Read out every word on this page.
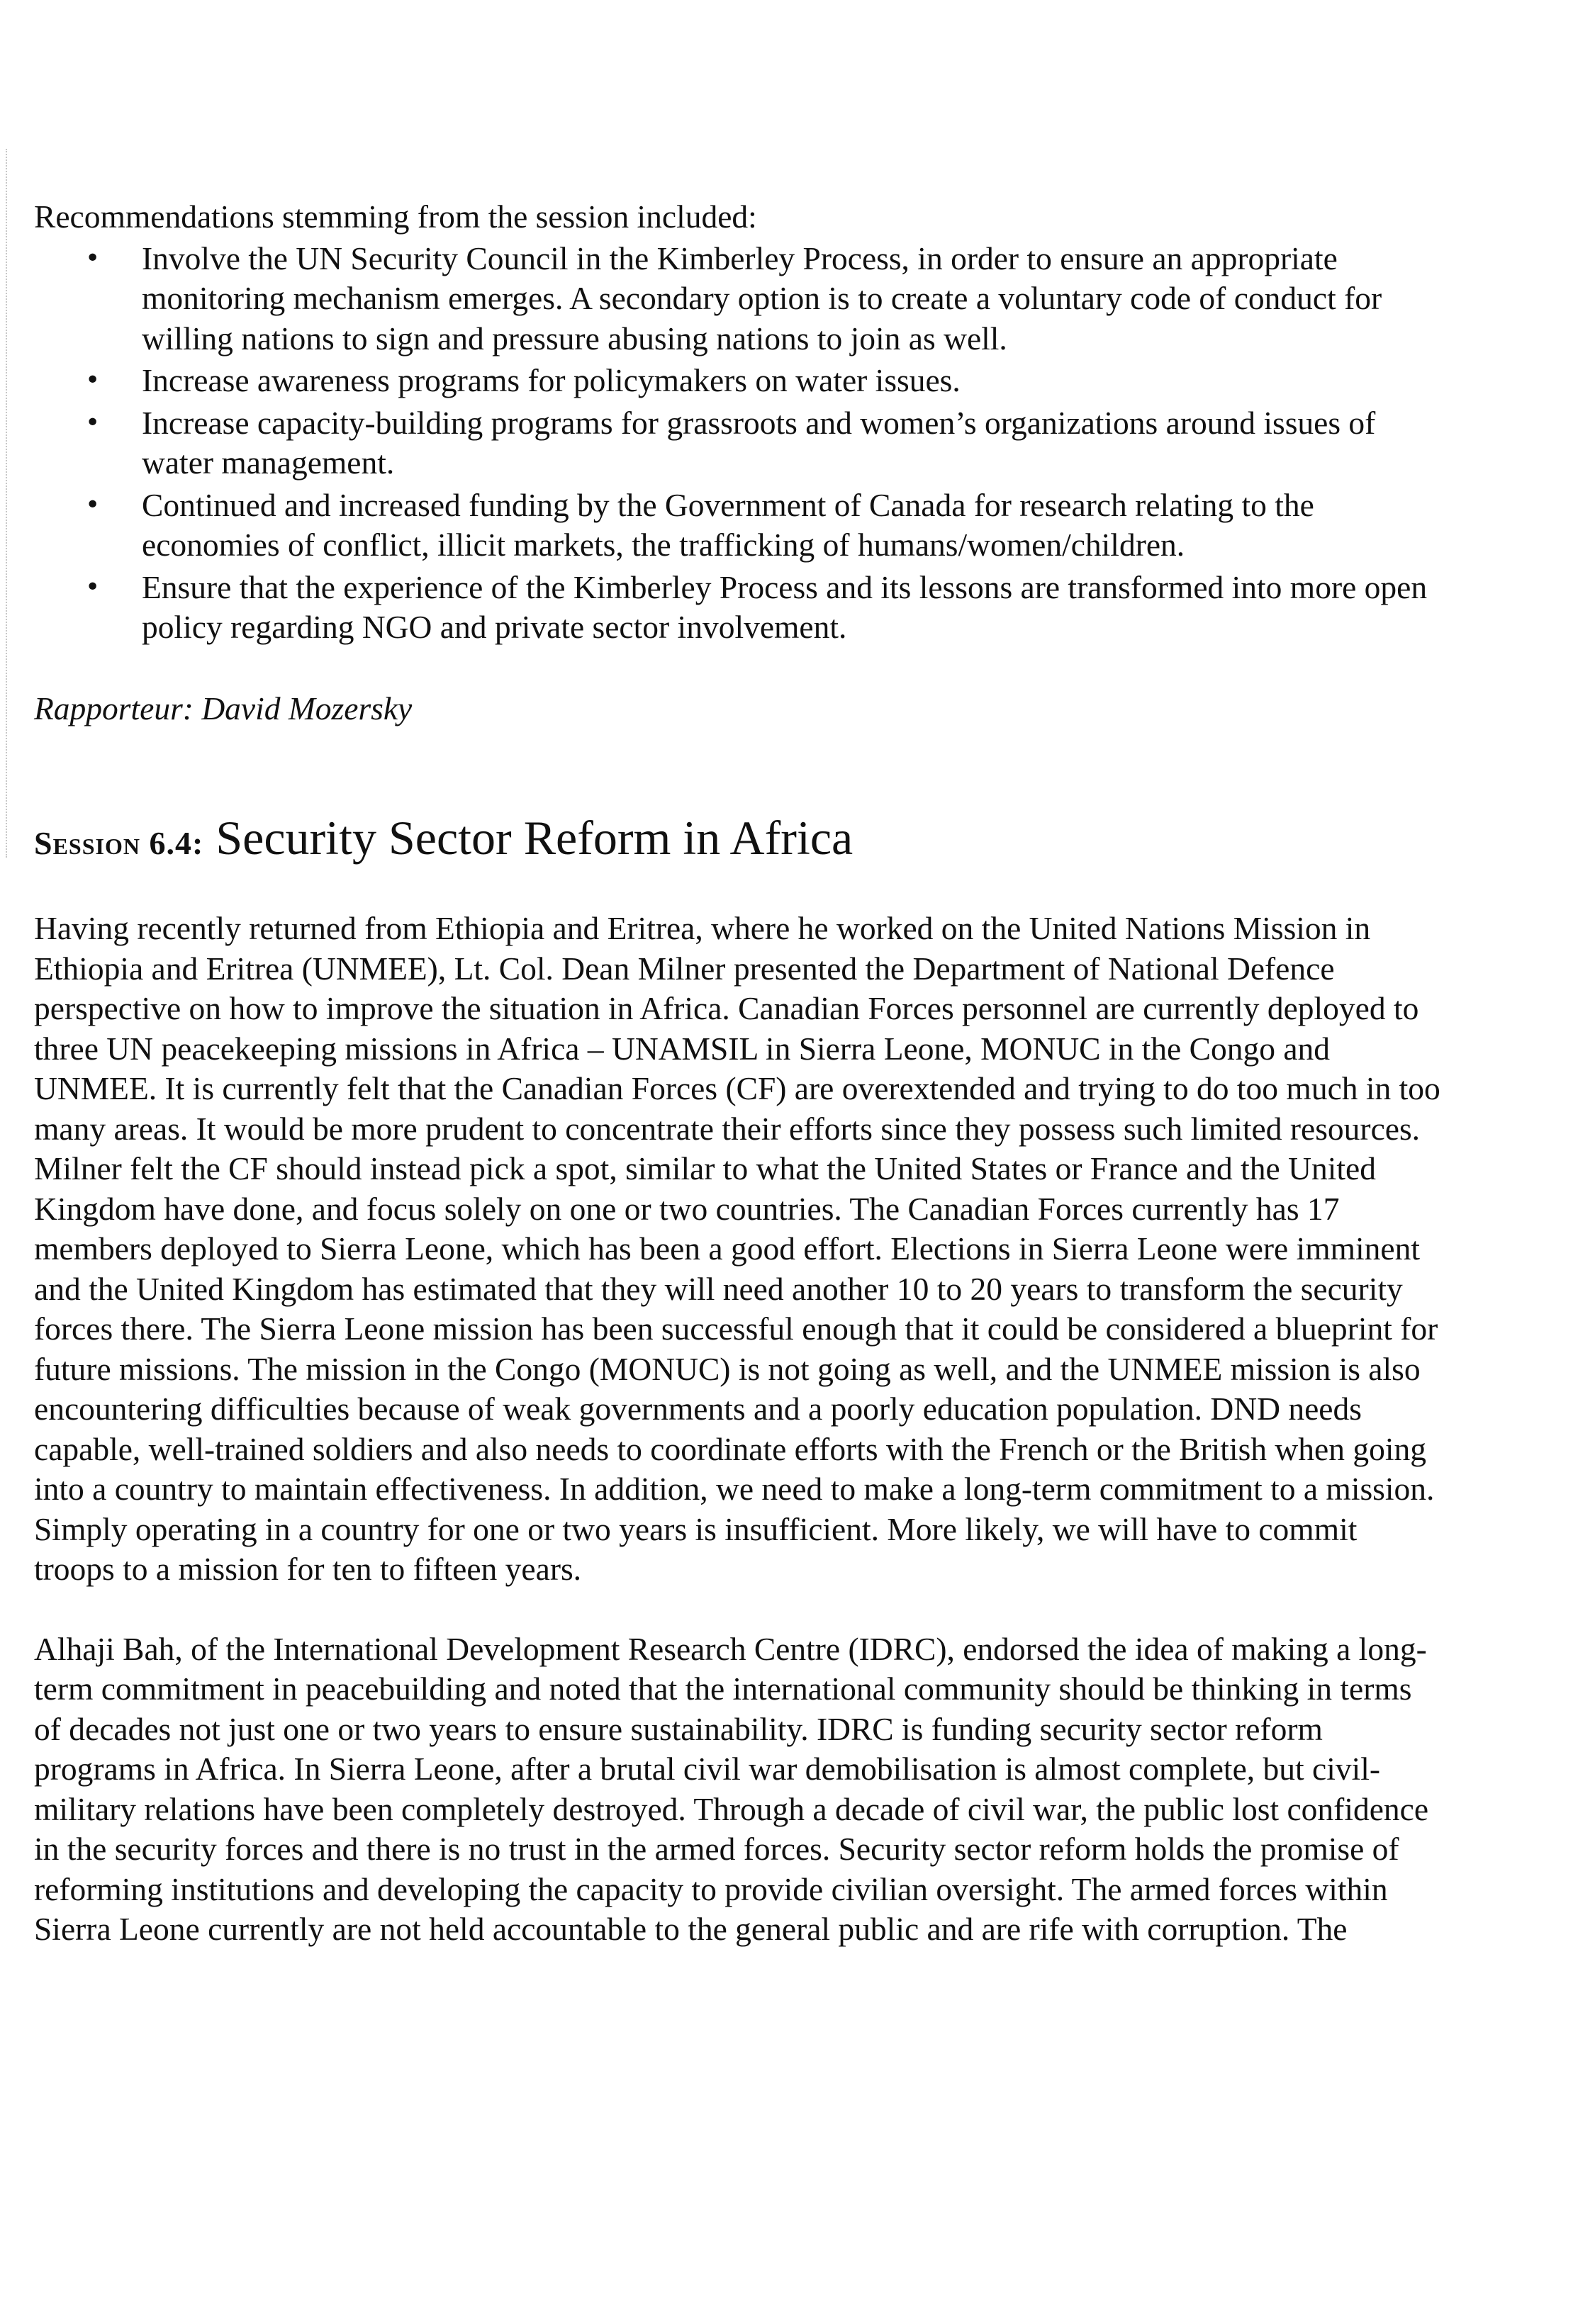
Recommendations stemming from the session included:

• Involve the UN Security Council in the Kimberley Process, in order to ensure an appropriate monitoring mechanism emerges. A secondary option is to create a voluntary code of conduct for willing nations to sign and pressure abusing nations to join as well.
• Increase awareness programs for policymakers on water issues.
• Increase capacity-building programs for grassroots and women’s organizations around issues of water management.
• Continued and increased funding by the Government of Canada for research relating to the economies of conflict, illicit markets, the trafficking of humans/women/children.
• Ensure that the experience of the Kimberley Process and its lessons are transformed into more open policy regarding NGO and private sector involvement.

Rapporteur: David Mozersky

Session 6.4: Security Sector Reform in Africa

Having recently returned from Ethiopia and Eritrea, where he worked on the United Nations Mission in Ethiopia and Eritrea (UNMEE), Lt. Col. Dean Milner presented the Department of National Defence perspective on how to improve the situation in Africa. Canadian Forces personnel are currently deployed to three UN peacekeeping missions in Africa – UNAMSIL in Sierra Leone, MONUC in the Congo and UNMEE. It is currently felt that the Canadian Forces (CF) are overextended and trying to do too much in too many areas. It would be more prudent to concentrate their efforts since they possess such limited resources. Milner felt the CF should instead pick a spot, similar to what the United States or France and the United Kingdom have done, and focus solely on one or two countries. The Canadian Forces currently has 17 members deployed to Sierra Leone, which has been a good effort. Elections in Sierra Leone were imminent and the United Kingdom has estimated that they will need another 10 to 20 years to transform the security forces there. The Sierra Leone mission has been successful enough that it could be considered a blueprint for future missions. The mission in the Congo (MONUC) is not going as well, and the UNMEE mission is also encountering difficulties because of weak governments and a poorly education population. DND needs capable, well-trained soldiers and also needs to coordinate efforts with the French or the British when going into a country to maintain effectiveness. In addition, we need to make a long-term commitment to a mission. Simply operating in a country for one or two years is insufficient. More likely, we will have to commit troops to a mission for ten to fifteen years.

Alhaji Bah, of the International Development Research Centre (IDRC), endorsed the idea of making a long-term commitment in peacebuilding and noted that the international community should be thinking in terms of decades not just one or two years to ensure sustainability. IDRC is funding security sector reform programs in Africa. In Sierra Leone, after a brutal civil war demobilisation is almost complete, but civil-military relations have been completely destroyed. Through a decade of civil war, the public lost confidence in the security forces and there is no trust in the armed forces. Security sector reform holds the promise of reforming institutions and developing the capacity to provide civilian oversight. The armed forces within Sierra Leone currently are not held accountable to the general public and are rife with corruption. The
